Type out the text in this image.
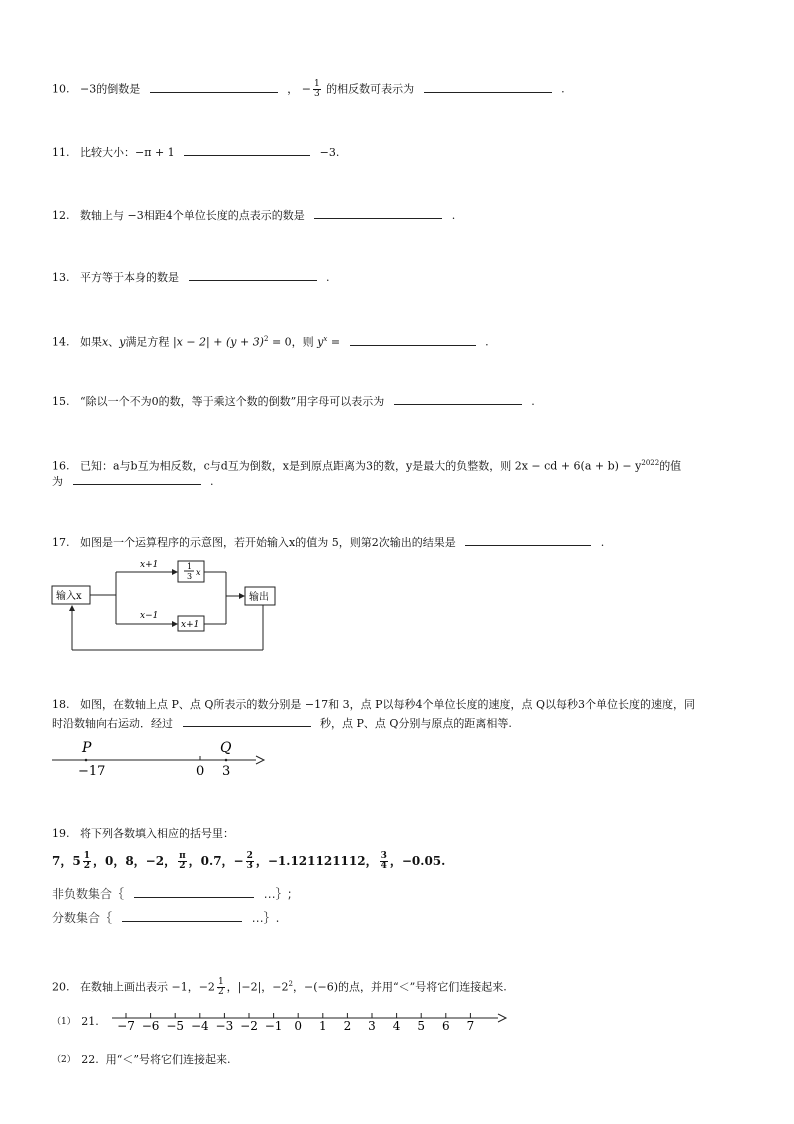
10. −3的倒数是	， − $\frac{1}{3}$ 的相反数可表示为	.
11. 比较大小：−π + 1	−3.
12. 数轴上与 −3相距4个单位长度的点表示的数是	.
13. 平方等于本身的数是	.
14. 如果x、y满足方程 $|x - 2| + (y + 3)^2 = 0$，则 $y^x$ =	.
15. “除以一个不为0的数，等于乘这个数的倒数”用字母可以表示为	.
16. 已知：a与b互为相反数，c与d互为倒数，x是到原点距离为3的数，y是最大的负整数，则 2x − cd + $6(a + b) - y^{2022}$的值
为	.
17. 如图是一个运算程序的示意图，若开始输入x的值为 5，则第2次输出的结果是	.
输入x
x+1	1
3 x
x−1
x+1
输出
18. 如图，在数轴上点 P、点 Q所表示的数分别是 −17和 3，点 P以每秒4个单位长度的速度，点 Q以每秒3个单位长度的速度，同
时沿数轴向右运动．经过	秒，点 P、点 Q分别与原点的距离相等.
P	Q
−17	0 3
19. 将下列各数填入相应的括号里：
7，$5 \frac{1}{2}$ ，0，8，−2， $\frac{\pi}{2}$ ，0.7，− $\frac{2}{3}$ ，−1.121121112， $\frac{3}{4}$ ，−0.05.
非负数集合｛	…｝;
分数集合｛	…｝.
20. 在数轴上画出表示 −1，$-2 \frac{1}{2}$ ，|−2|，$-2^2$，−(−6)的点，并用“＜”号将它们连接起来.
$^{(1)}$ 21. −7 −6 −5 −4 −3 −2 −1 0 1 2 3 4 5 6 7
$^{(2)}$ 22. 用“＜”号将它们连接起来.
